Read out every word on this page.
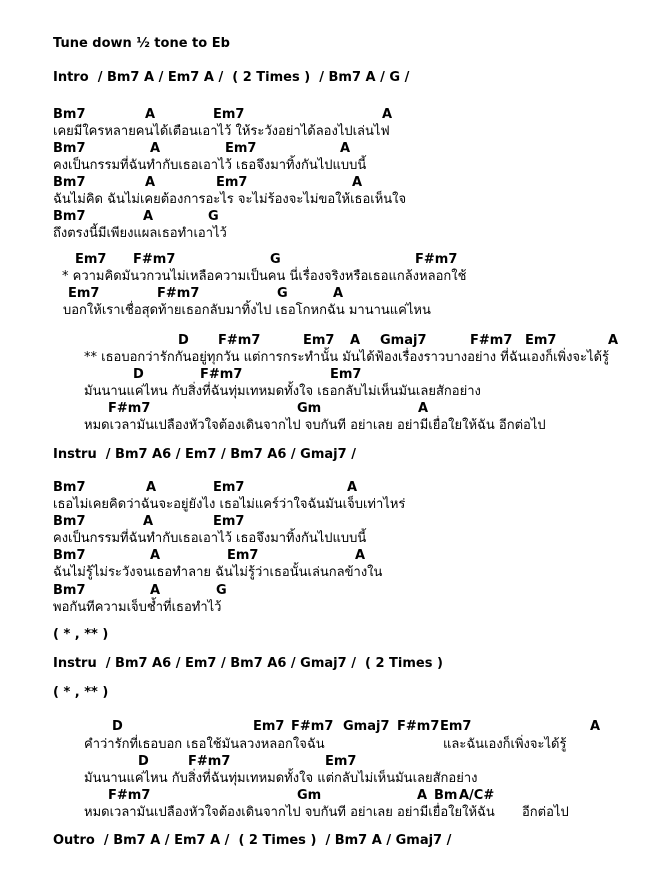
Tune down ½ tone to Eb
Intro  / Bm7 A / Em7 A /  ( 2 Times )  / Bm7 A / G /
Bm7	A	Em7	A
เคยมีใครหลายคนได้เตือนเอาไว้ ให้ระวังอย่าได้ลองไปเล่นไฟ
Bm7	A	Em7	A
คงเป็นกรรมที่ฉันทำกับเธอเอาไว้ เธอจึงมาทิ้งกันไปแบบนี้
Bm7	A	Em7	A
ฉันไม่คิด ฉันไม่เคยต้องการอะไร จะไม่ร้องจะไม่ขอให้เธอเห็นใจ
Bm7	A	G
ถึงตรงนี้มีเพียงแผลเธอทำเอาไว้
Em7 F#m7	G	F#m7
* ความคิดมันวกวนไม่เหลือความเป็นคน นี่เรื่องจริงหรือเธอแกล้งหลอกใช้
Em7	F#m7	G	A
บอกให้เราเชื่อสุดท้ายเธอกลับมาทิ้งไป เธอโกหกฉัน มานานแค่ไหน
D F#m7	Em7 A Gmaj7	F#m7 Em7	A
** เธอบอกว่ารักกันอยู่ทุกวัน แต่การกระทำนั้น มันได้ฟ้องเรื่องราวบางอย่าง ที่ฉันเองก็เพิ่งจะได้รู้
D	F#m7	Em7
มันนานแค่ไหน กับสิ่งที่ฉันทุ่มเทหมดทั้งใจ เธอกลับไม่เห็นมันเลยสักอย่าง
F#m7	Gm	A
หมดเวลามันเปลืองหัวใจต้องเดินจากไป จบกันที อย่าเลย อย่ามีเยื่อใยให้ฉัน อีกต่อไป
Instru  / Bm7 A6 / Em7 / Bm7 A6 / Gmaj7 /
Bm7	A	Em7	A
เธอไม่เคยคิดว่าฉันจะอยู่ยังไง เธอไม่แคร์ว่าใจฉันมันเจ็บเท่าไหร่
Bm7	A	Em7
คงเป็นกรรมที่ฉันทำกับเธอเอาไว้ เธอจึงมาทิ้งกันไปแบบนี้
Bm7	A	Em7	A
ฉันไม่รู้ไม่ระวังจนเธอทำลาย ฉันไม่รู้ว่าเธอนั้นเล่นกลข้างใน
Bm7	A	G
พอกันทีความเจ็บช้ำที่เธอทำไว้
( * , ** )
Instru  / Bm7 A6 / Em7 / Bm7 A6 / Gmaj7 /  ( 2 Times )
( * , ** )
D	Em7 F#m7 Gmaj7 F#m7 Em7	A
คำว่ารักที่เธอบอก เธอใช้มันลวงหลอกใจฉัน	และฉันเองก็เพิ่งจะได้รู้
D	F#m7	Em7
มันนานแค่ไหน กับสิ่งที่ฉันทุ่มเทหมดทั้งใจ แต่กลับไม่เห็นมันเลยสักอย่าง
F#m7	Gm	A Bm A/C#
หมดเวลามันเปลืองหัวใจต้องเดินจากไป จบกันที อย่าเลย อย่ามีเยื่อใยให้ฉัน อีกต่อไป
Outro  / Bm7 A / Em7 A /  ( 2 Times )  / Bm7 A / Gmaj7 /
